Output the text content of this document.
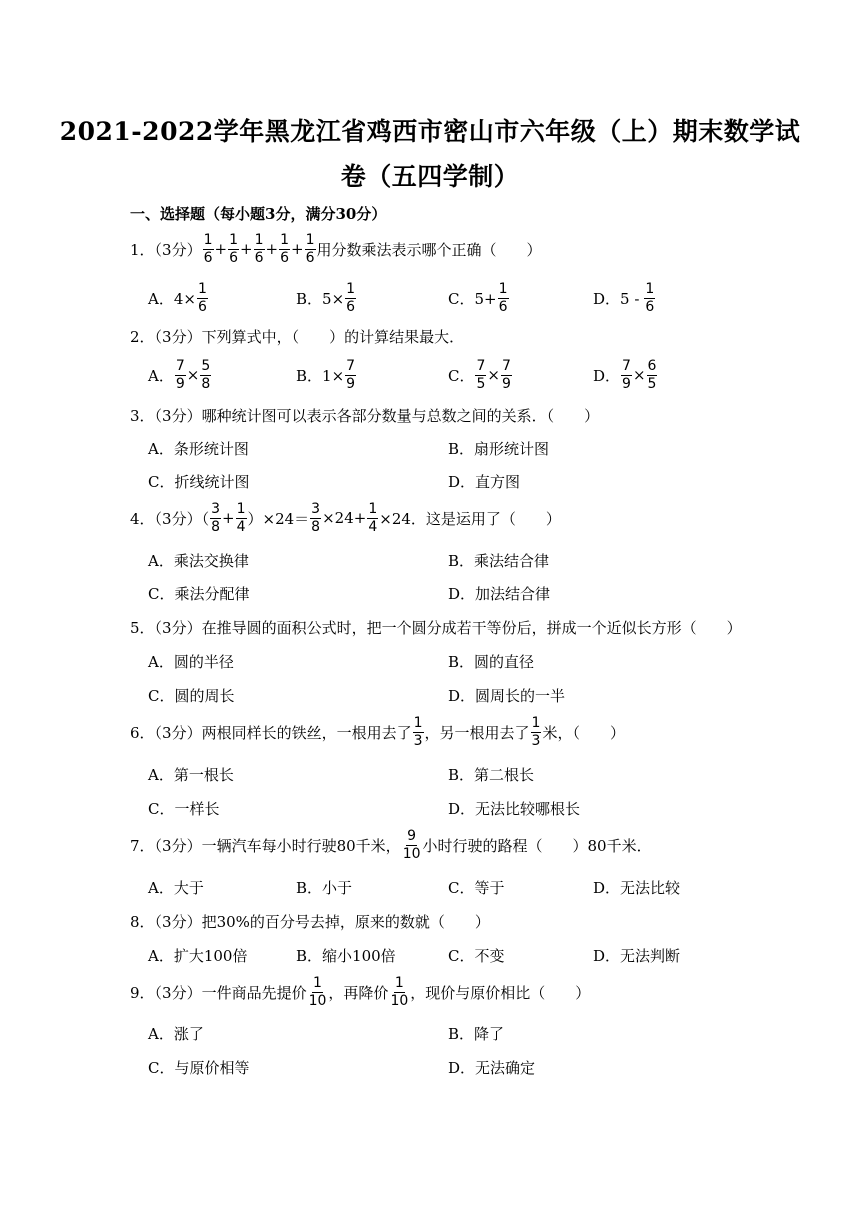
2021-2022学年黑龙江省鸡西市密山市六年级（上）期末数学试
卷（五四学制）
一、选择题（每小题3分，满分30分）
1．（3分） $\frac{1}{6} + \frac{1}{6} + \frac{1}{6} + \frac{1}{6} + \frac{1}{6}$ 用分数乘法表示哪个正确（　　）
A．$4\times \frac{1}{6}$	B．$5\times \frac{1}{6}$	C．$5+ \frac{1}{6}$	D．$5 - \frac{1}{6}$
2．（3分）下列算式中，（　　）的计算结果最大．
A． $\frac{7}{9} \times \frac{5}{8}$	B．$1\times \frac{7}{9}$	C． $\frac{7}{5} \times \frac{7}{9}$	D． $\frac{7}{9} \times \frac{6}{5}$
3．（3分）哪种统计图可以表示各部分数量与总数之间的关系．（　　）
A．条形统计图	B．扇形统计图
C．折线统计图	D．直方图
4．（3分）（ $\frac{3}{8} + \frac{1}{4} )\times 24= \frac{3}{8} \times 24+ \frac{1}{4} \times 24$．这是运用了（　　）
A．乘法交换律	B．乘法结合律
C．乘法分配律	D．加法结合律
5．（3分）在推导圆的面积公式时，把一个圆分成若干等份后，拼成一个近似长方形（　　）
A．圆的半径	B．圆的直径
C．圆的周长	D．圆周长的一半
6．（3分）两根同样长的铁丝，一根用去了 $\frac{1}{3}$ ，另一根用去了 $\frac{1}{3}$ 米，（　　）
A．第一根长	B．第二根长
C．一样长	D．无法比较哪根长
7．（3分）一辆汽车每小时行驶80千米， $\frac{9}{10}$ 小时行驶的路程（　　）80千米．
A．大于	B．小于	C．等于	D．无法比较
8．（3分）把30%的百分号去掉，原来的数就（　　）
A．扩大100倍	B．缩小100倍	C．不变	D．无法判断
9．（3分）一件商品先提价 $\frac{1}{10}$ ，再降价 $\frac{1}{10}$ ，现价与原价相比（　　）
A．涨了	B．降了
C．与原价相等	D．无法确定
